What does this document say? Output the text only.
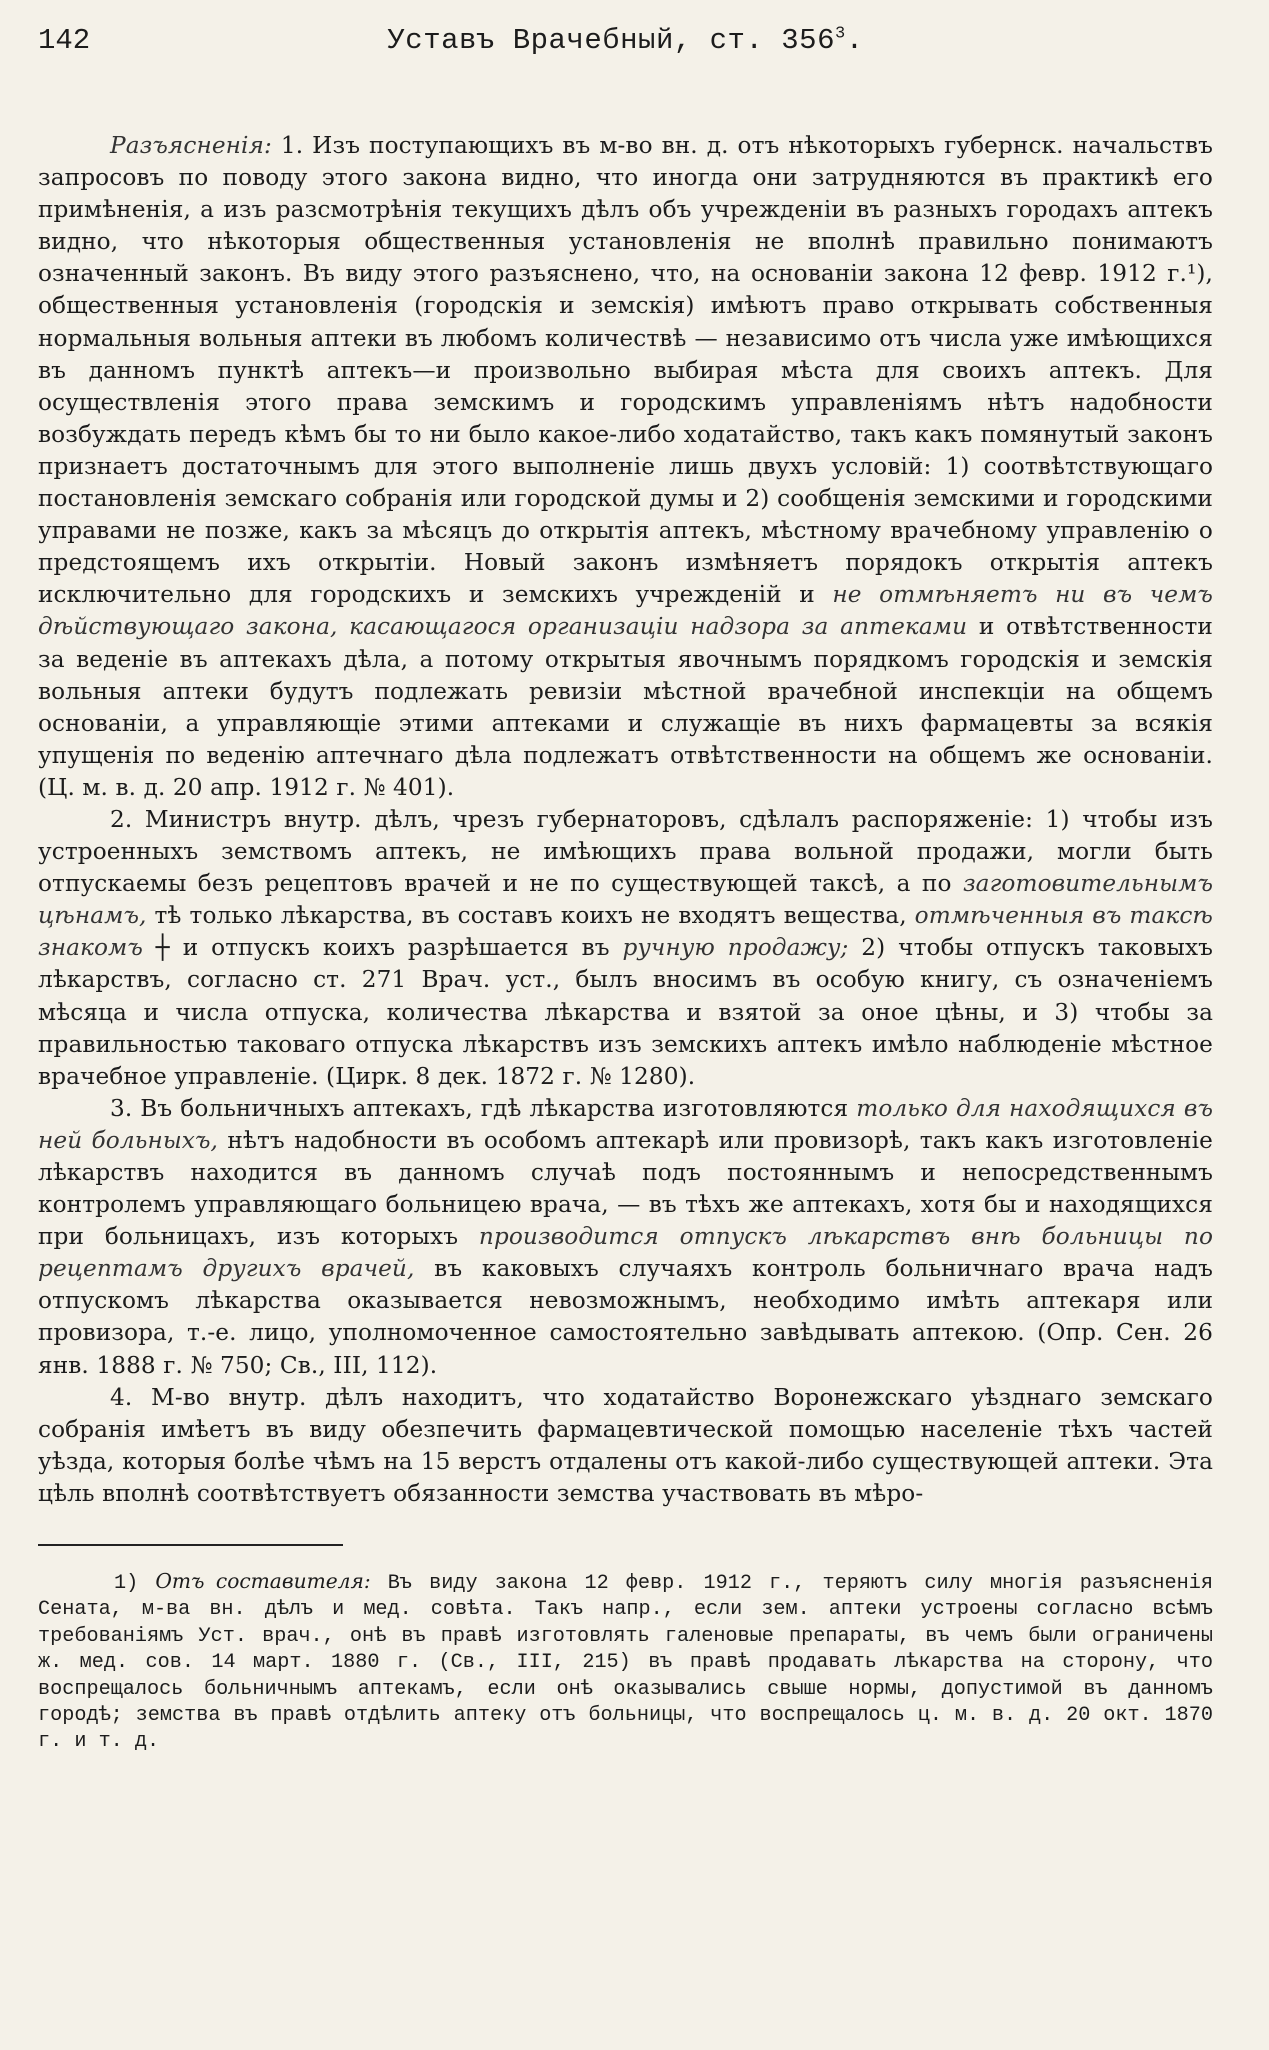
142	Уставъ Врачебный, ст. $356^3$.

Разъясненія: 1. Изъ поступающихъ въ м-во вн. д. отъ нѣкоторыхъ губернск. начальствъ запросовъ по поводу этого закона видно, что иногда они затрудняются въ практикѣ его примѣненія, а изъ разсмотрѣнія текущихъ дѣлъ объ учрежденіи въ разныхъ городахъ аптекъ видно, что нѣкоторыя общественныя установленія не вполнѣ правильно понимаютъ означенный законъ. Въ виду этого разъяснено, что, на основаніи закона 12 февр. 1912 г.¹), общественныя установленія (городскія и земскія) имѣютъ право открывать собственныя нормальныя вольныя аптеки въ любомъ количествѣ — независимо отъ числа уже имѣющихся въ данномъ пунктѣ аптекъ—и произвольно выбирая мѣста для своихъ аптекъ. Для осуществленія этого права земскимъ и городскимъ управленіямъ нѣтъ надобности возбуждать передъ кѣмъ бы то ни было какое-либо ходатайство, такъ какъ помянутый законъ признаетъ достаточнымъ для этого выполненіе лишь двухъ условій: 1) соотвѣтствующаго постановленія земскаго собранія или городской думы и 2) сообщенія земскими и городскими управами не позже, какъ за мѣсяцъ до открытія аптекъ, мѣстному врачебному управленію о предстоящемъ ихъ открытіи. Новый законъ измѣняетъ порядокъ открытія аптекъ исключительно для городскихъ и земскихъ учрежденій и не отмѣняетъ ни въ чемъ дѣйствующаго закона, касающагося организаціи надзора за аптеками и отвѣтственности за веденіе въ аптекахъ дѣла, а потому открытыя явочнымъ порядкомъ городскія и земскія вольныя аптеки будутъ подлежать ревизіи мѣстной врачебной инспекціи на общемъ основаніи, а управляющіе этими аптеками и служащіе въ нихъ фармацевты за всякія упущенія по веденію аптечнаго дѣла подлежатъ отвѣтственности на общемъ же основаніи. (Ц. м. в. д. 20 апр. 1912 г. № 401).

2. Министръ внутр. дѣлъ, чрезъ губернаторовъ, сдѣлалъ распоряженіе: 1) чтобы изъ устроенныхъ земствомъ аптекъ, не имѣющихъ права вольной продажи, могли быть отпускаемы безъ рецептовъ врачей и не по существующей таксѣ, а по заготовительнымъ цѣнамъ, тѣ только лѣкарства, въ составъ коихъ не входятъ вещества, отмѣченныя въ таксѣ знакомъ ┼ и отпускъ коихъ разрѣшается въ ручную продажу; 2) чтобы отпускъ таковыхъ лѣкарствъ, согласно ст. 271 Врач. уст., былъ вносимъ въ особую книгу, съ означеніемъ мѣсяца и числа отпуска, количества лѣкарства и взятой за оное цѣны, и 3) чтобы за правильностью таковаго отпуска лѣкарствъ изъ земскихъ аптекъ имѣло наблюденіе мѣстное врачебное управленіе. (Цирк. 8 дек. 1872 г. № 1280).

3. Въ больничныхъ аптекахъ, гдѣ лѣкарства изготовляются только для находящихся въ ней больныхъ, нѣтъ надобности въ особомъ аптекарѣ или провизорѣ, такъ какъ изготовленіе лѣкарствъ находится въ данномъ случаѣ подъ постояннымъ и непосредственнымъ контролемъ управляющаго больницею врача, — въ тѣхъ же аптекахъ, хотя бы и находящихся при больницахъ, изъ которыхъ производится отпускъ лѣкарствъ внѣ больницы по рецептамъ другихъ врачей, въ каковыхъ случаяхъ контроль больничнаго врача надъ отпускомъ лѣкарства оказывается невозможнымъ, необходимо имѣть аптекаря или провизора, т.-е. лицо, уполномоченное самостоятельно завѣдывать аптекою. (Опр. Сен. 26 янв. 1888 г. № 750; Св., III, 112).

4. М-во внутр. дѣлъ находитъ, что ходатайство Воронежскаго уѣзднаго земскаго собранія имѣетъ въ виду обезпечить фармацевтической помощью населеніе тѣхъ частей уѣзда, которыя болѣе чѣмъ на 15 верстъ отдалены отъ какой-либо существующей аптеки. Эта цѣль вполнѣ соотвѣтствуетъ обязанности земства участвовать въ мѣро-

1) Отъ составителя: Въ виду закона 12 февр. 1912 г., теряютъ силу многія разъясненія Сената, м-ва вн. дѣлъ и мед. совѣта. Такъ напр., если зем. аптеки устроены согласно всѣмъ требованіямъ Уст. врач., онѣ въ правѣ изготовлять галеновые препараты, въ чемъ были ограничены ж. мед. сов. 14 март. 1880 г. (Св., III, 215) въ правѣ продавать лѣкарства на сторону, что воспрещалось больничнымъ аптекамъ, если онѣ оказывались свыше нормы, допустимой въ данномъ городѣ; земства въ правѣ отдѣлить аптеку отъ больницы, что воспрещалось ц. м. в. д. 20 окт. 1870 г. и т. д.
